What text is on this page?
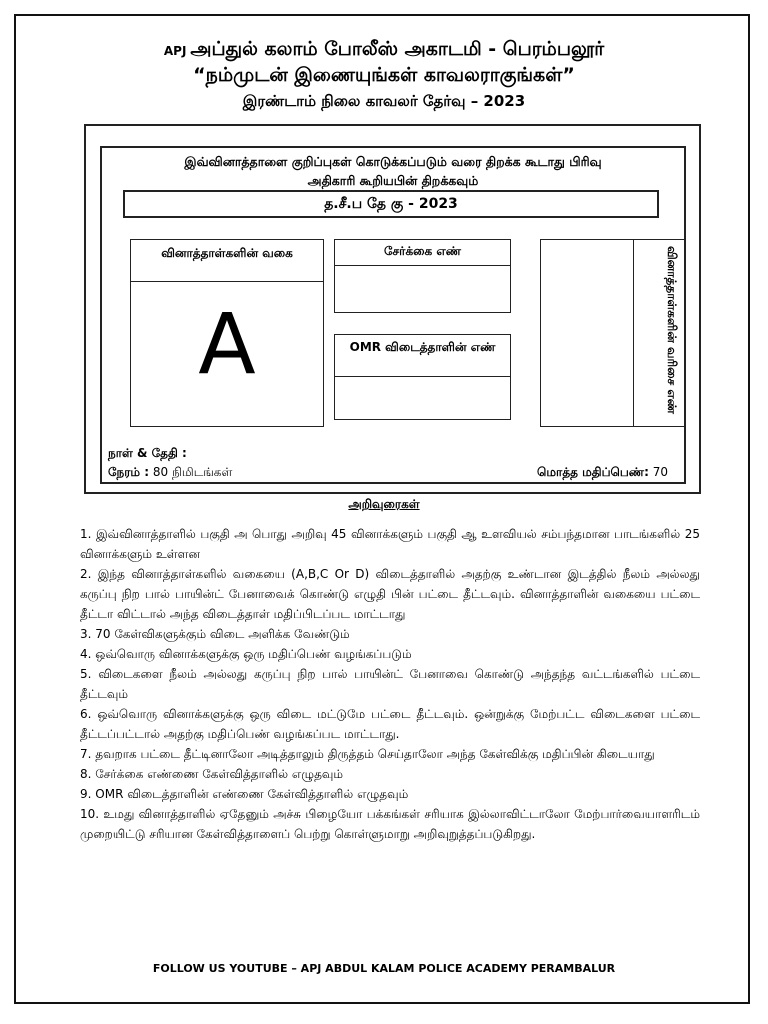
APJ அப்துல் கலாம் போலீஸ் அகாடமி - பெரம்பலூர்
“நம்முடன் இணையுங்கள் காவலராகுங்கள்”
இரண்டாம் நிலை காவலர் தேர்வு – 2023
இவ்வினாத்தாளை குறிப்புகள் கொடுக்கப்படும் வரை திறக்க கூடாது பிரிவு
அதிகாரி கூறியபின் திறக்கவும்
த.சீ.ப தே கு - 2023
வினாத்தாள்களின் வகை
A
சேர்க்கை எண்
OMR விடைத்தாளின் எண்	வினாத்தாள்களின் வரிசை எண்
நாள் & தேதி :
நேரம் : 80 நிமிடங்கள்	மொத்த மதிப்பெண்: 70
அறிவுரைகள்
1. இவ்வினாத்தாளில் பகுதி அ பொது அறிவு 45 வினாக்களும் பகுதி ஆ உளவியல் சம்பந்தமான பாடங்களில் 25 வினாக்களும் உள்ளன
2. இந்த வினாத்தாள்களில் வகையை (A,B,C Or D) விடைத்தாளில் அதற்கு உண்டான இடத்தில் நீலம் அல்லது கருப்பு நிற பால் பாயின்ட் பேனாவைக் கொண்டு எழுதி பின் பட்டை தீட்டவும். வினாத்தாளின் வகையை பட்டை தீட்டா விட்டால் அந்த விடைத்தாள் மதிப்பிடப்பட மாட்டாது
3. 70 கேள்விகளுக்கும் விடை அளிக்க வேண்டும்
4. ஒவ்வொரு வினாக்களுக்கு ஒரு மதிப்பெண் வழங்கப்படும்
5. விடைகளை நீலம் அல்லது கருப்பு நிற பால் பாயின்ட் பேனாவை கொண்டு அந்தந்த வட்டங்களில் பட்டை தீட்டவும்
6. ஒவ்வொரு வினாக்களுக்கு ஒரு விடை மட்டுமே பட்டை தீட்டவும். ஒன்றுக்கு மேற்பட்ட விடைகளை பட்டை தீட்டப்பட்டால் அதற்கு மதிப்பெண் வழங்கப்பட மாட்டாது.
7. தவறாக பட்டை தீட்டினாலோ அடித்தாலும் திருத்தம் செய்தாலோ அந்த கேள்விக்கு மதிப்பின் கிடையாது
8. சேர்க்கை எண்ணை கேள்வித்தாளில் எழுதவும்
9. OMR விடைத்தாளின் எண்ணை கேள்வித்தாளில் எழுதவும்
10. உமது வினாத்தாளில் ஏதேனும் அச்சு பிழையோ பக்கங்கள் சரியாக இல்லாவிட்டாலோ மேற்பார்வையாளரிடம் முறையிட்டு சரியான கேள்வித்தாளைப் பெற்று கொள்ளுமாறு அறிவுறுத்தப்படுகிறது.
FOLLOW US YOUTUBE – APJ ABDUL KALAM POLICE ACADEMY PERAMBALUR
